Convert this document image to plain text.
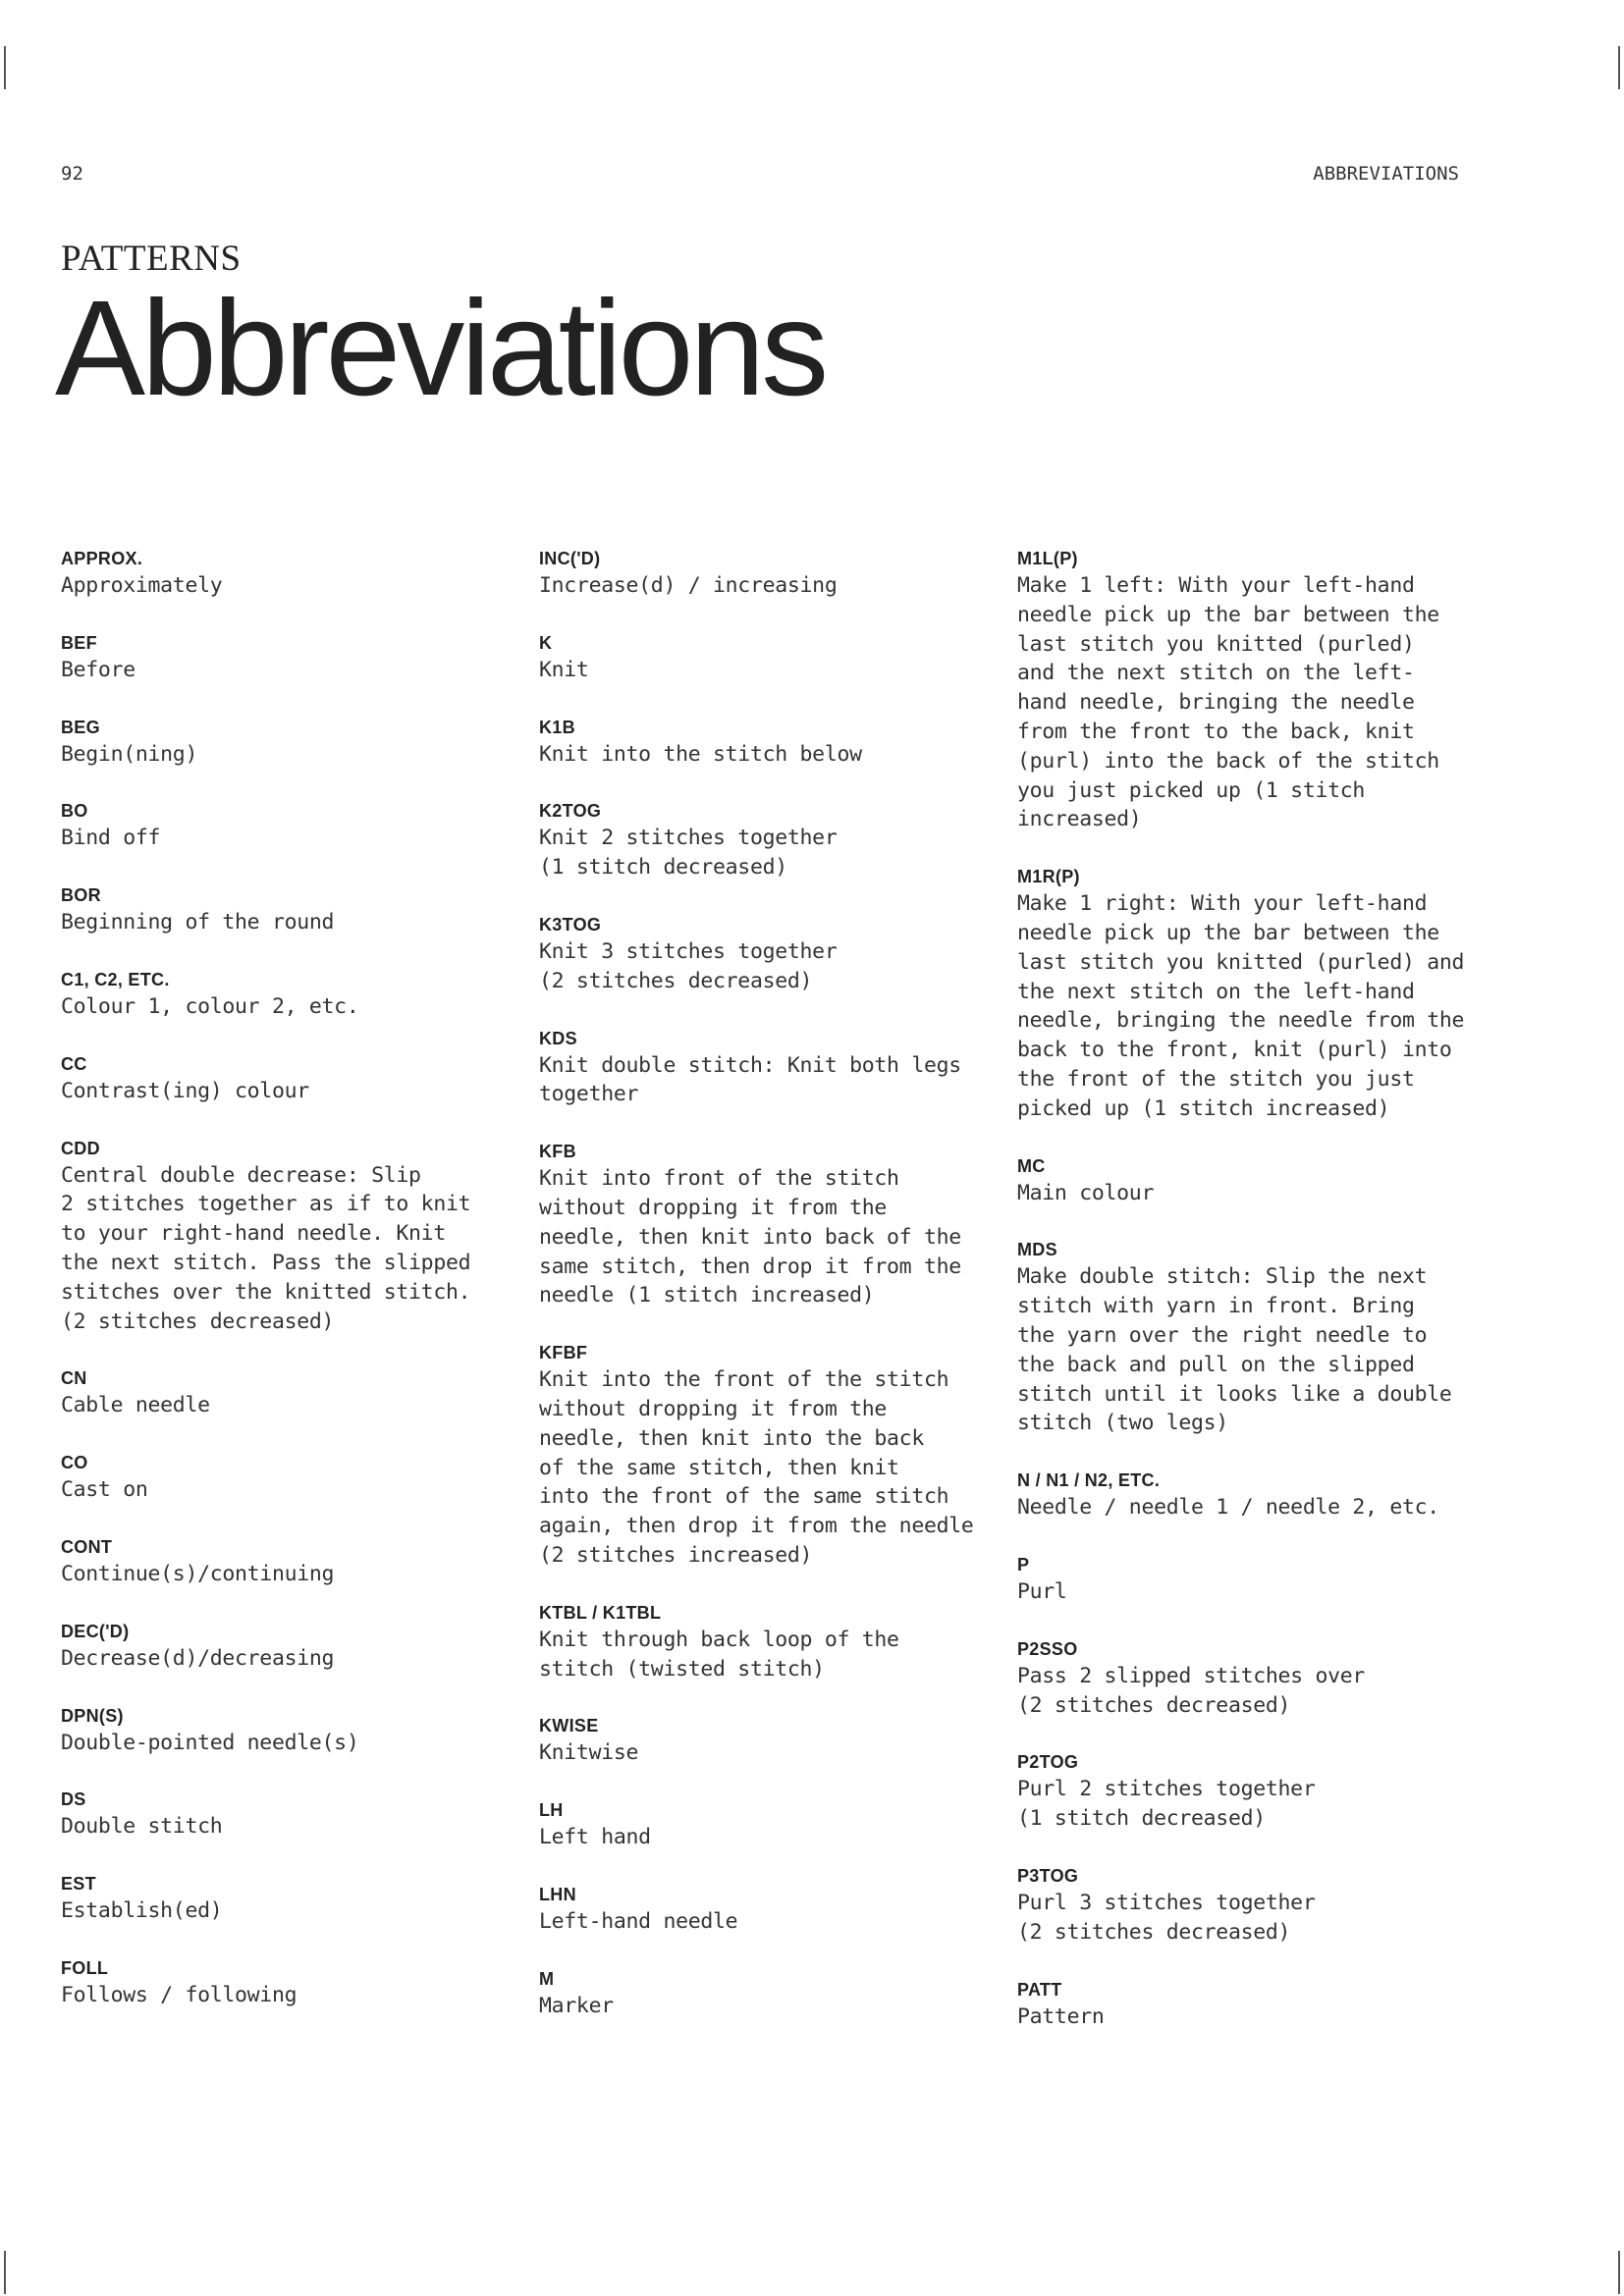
92	ABBREVIATIONS
PATTERNS
Abbreviations
APPROX.
Approximately
BEF
Before
BEG
Begin(ning)
BO
Bind off
BOR
Beginning of the round
C1, C2, ETC.
Colour 1, colour 2, etc.
CC
Contrast(ing) colour
CDD
Central double decrease: Slip
2 stitches together as if to knit
to your right-hand needle. Knit
the next stitch. Pass the slipped
stitches over the knitted stitch.
(2 stitches decreased)
CN
Cable needle
CO
Cast on
CONT
Continue(s)/continuing
DEC('D)
Decrease(d)/decreasing
DPN(S)
Double-pointed needle(s)
DS
Double stitch
EST
Establish(ed)
FOLL
Follows / following
INC('D)
Increase(d) / increasing
K
Knit
K1B
Knit into the stitch below
K2TOG
Knit 2 stitches together
(1 stitch decreased)
K3TOG
Knit 3 stitches together
(2 stitches decreased)
KDS
Knit double stitch: Knit both legs
together
KFB
Knit into front of the stitch
without dropping it from the
needle, then knit into back of the
same stitch, then drop it from the
needle (1 stitch increased)
KFBF
Knit into the front of the stitch
without dropping it from the
needle, then knit into the back
of the same stitch, then knit
into the front of the same stitch
again, then drop it from the needle
(2 stitches increased)
KTBL / K1TBL
Knit through back loop of the
stitch (twisted stitch)
KWISE
Knitwise
LH
Left hand
LHN
Left-hand needle
M
Marker
M1L(P)
Make 1 left: With your left-hand
needle pick up the bar between the
last stitch you knitted (purled)
and the next stitch on the left-
hand needle, bringing the needle
from the front to the back, knit
(purl) into the back of the stitch
you just picked up (1 stitch
increased)
M1R(P)
Make 1 right: With your left-hand
needle pick up the bar between the
last stitch you knitted (purled) and
the next stitch on the left-hand
needle, bringing the needle from the
back to the front, knit (purl) into
the front of the stitch you just
picked up (1 stitch increased)
MC
Main colour
MDS
Make double stitch: Slip the next
stitch with yarn in front. Bring
the yarn over the right needle to
the back and pull on the slipped
stitch until it looks like a double
stitch (two legs)
N / N1 / N2, ETC.
Needle / needle 1 / needle 2, etc.
P
Purl
P2SSO
Pass 2 slipped stitches over
(2 stitches decreased)
P2TOG
Purl 2 stitches together
(1 stitch decreased)
P3TOG
Purl 3 stitches together
(2 stitches decreased)
PATT
Pattern
